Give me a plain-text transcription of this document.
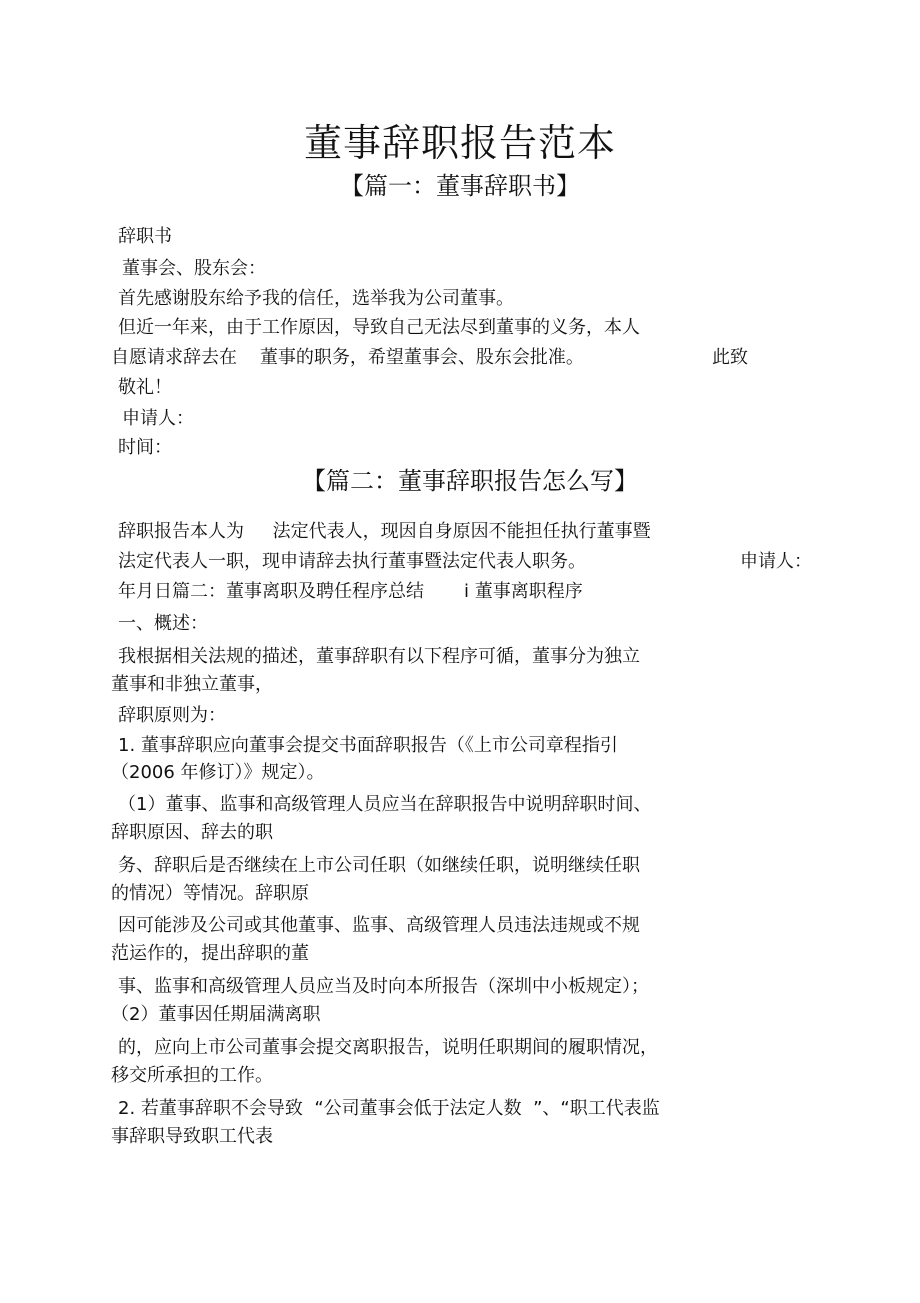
董事辞职报告范本
【篇一：董事辞职书】
辞职书
董事会、股东会：
首先感谢股东给予我的信任，选举我为公司董事。
但近一年来，由于工作原因，导致自己无法尽到董事的义务，本人
自愿请求辞去在    董事的职务，希望董事会、股东会批准。	此致
敬礼！
申请人：
时间：
【篇二：董事辞职报告怎么写】
辞职报告本人为     法定代表人，现因自身原因不能担任执行董事暨
法定代表人一职，现申请辞去执行董事暨法定代表人职务。	申请人：
年月日篇二：董事离职及聘任程序总结       i 董事离职程序
一、概述：
我根据相关法规的描述，董事辞职有以下程序可循，董事分为独立
董事和非独立董事，
辞职原则为：
1. 董事辞职应向董事会提交书面辞职报告（《上市公司章程指引
（2006 年修订）》规定）。
（1）董事、监事和高级管理人员应当在辞职报告中说明辞职时间、
辞职原因、辞去的职
务、辞职后是否继续在上市公司任职（如继续任职，说明继续任职
的情况）等情况。辞职原
因可能涉及公司或其他董事、监事、高级管理人员违法违规或不规
范运作的，提出辞职的董
事、监事和高级管理人员应当及时向本所报告（深圳中小板规定）；
（2）董事因任期届满离职
的，应向上市公司董事会提交离职报告，说明任职期间的履职情况，
移交所承担的工作。
2. 若董事辞职不会导致  “公司董事会低于法定人数  ”、“职工代表监
事辞职导致职工代表
